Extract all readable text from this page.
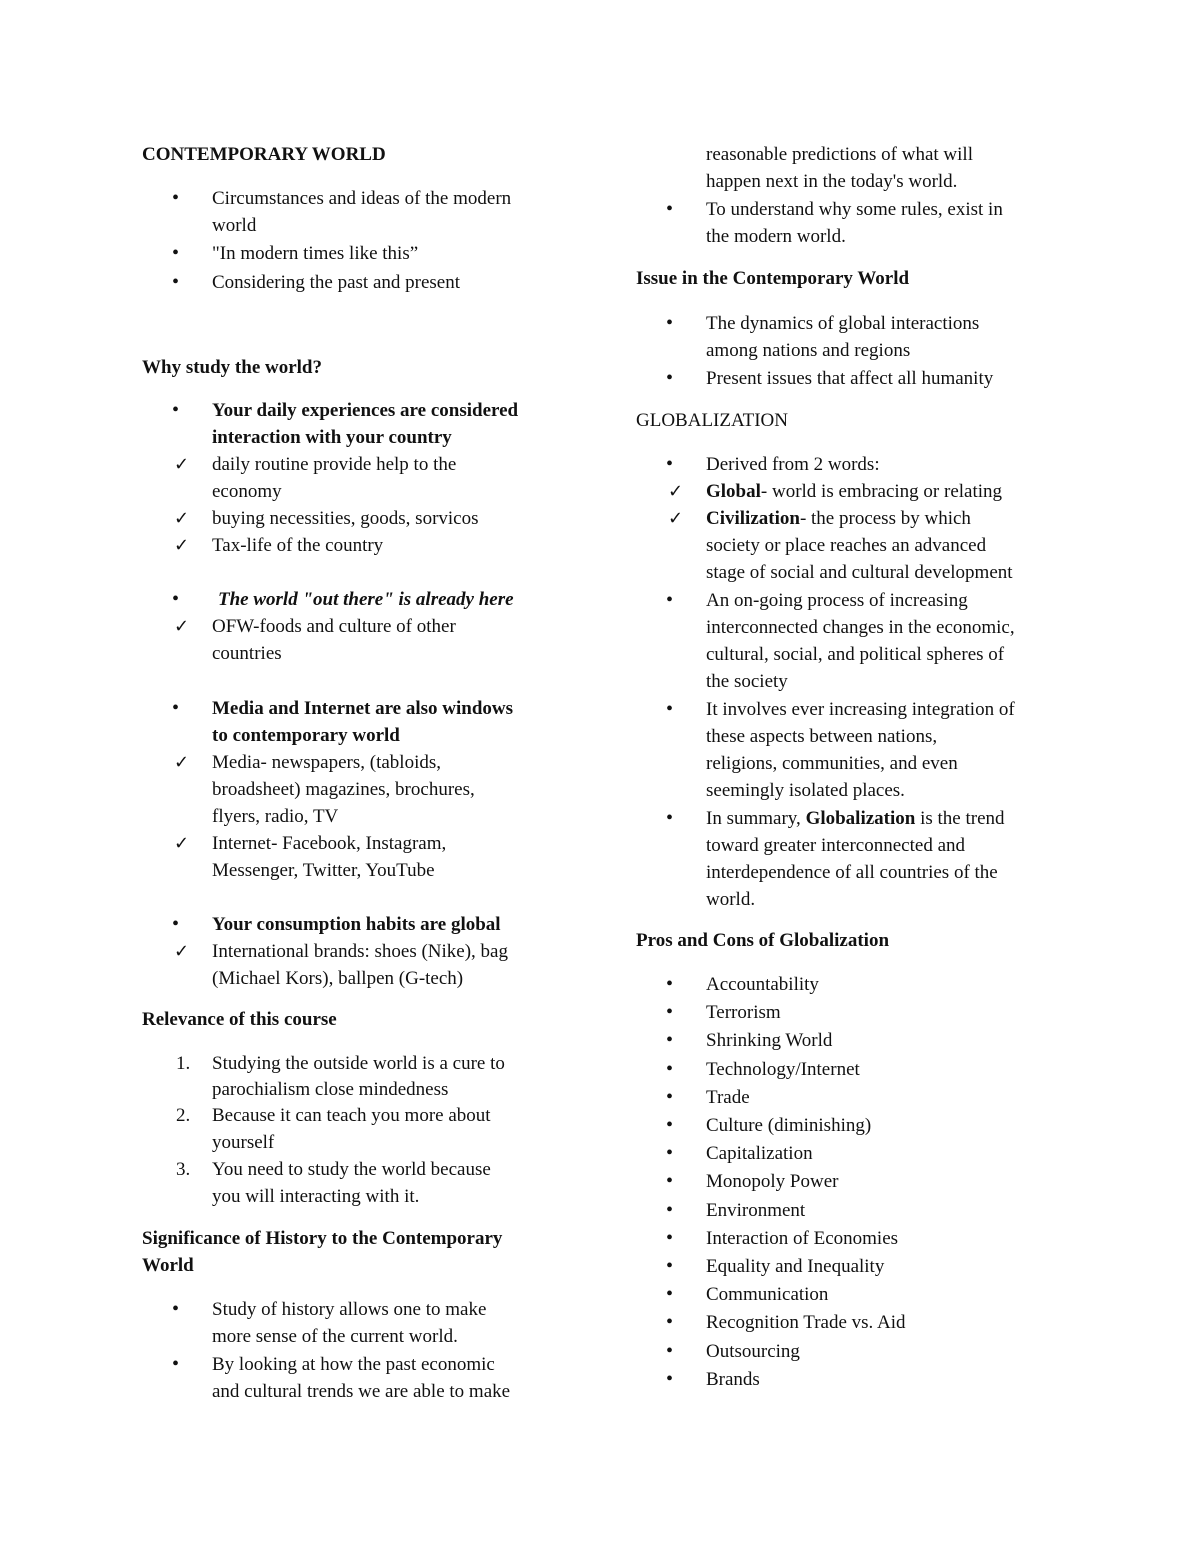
CONTEMPORARY WORLD
•
Circumstances and ideas of the modern
world
•
"In modern times like this”
•
Considering the past and present
Why study the world?
•
Your daily experiences are considered
interaction with your country
✓
daily routine provide help to the
economy
✓
buying necessities, goods, sorvicos
✓
Tax-life of the country
•
The world "out there" is already here
✓
OFW-foods and culture of other
countries
•
Media and Internet are also windows
to contemporary world
✓
Media- newspapers, (tabloids,
broadsheet) magazines, brochures,
flyers, radio, TV
✓
Internet- Facebook, Instagram,
Messenger, Twitter, YouTube
•
Your consumption habits are global
✓
International brands: shoes (Nike), bag
(Michael Kors), ballpen (G-tech)
Relevance of this course
1. Studying the outside world is a cure to
parochialism close mindedness
2. Because it can teach you more about
yourself
3. You need to study the world because
you will interacting with it.
Significance of History to the Contemporary
World
•
Study of history allows one to make
more sense of the current world.
•
By looking at how the past economic
and cultural trends we are able to make
reasonable predictions of what will
happen next in the today's world.
•
To understand why some rules, exist in
the modern world.
Issue in the Contemporary World
•
The dynamics of global interactions
among nations and regions
•
Present issues that affect all humanity
GLOBALIZATION
•
Derived from 2 words:
✓
Global- world is embracing or relating
✓
Civilization- the process by which
society or place reaches an advanced
stage of social and cultural development
•
An on-going process of increasing
interconnected changes in the economic,
cultural, social, and political spheres of
the society
•
It involves ever increasing integration of
these aspects between nations,
religions, communities, and even
seemingly isolated places.
•
In summary, Globalization is the trend
toward greater interconnected and
interdependence of all countries of the
world.
Pros and Cons of Globalization
•
Accountability
•
Terrorism
•
Shrinking World
•
Technology/Internet
•
Trade
•
Culture (diminishing)
•
Capitalization
•
Monopoly Power
•
Environment
•
Interaction of Economies
•
Equality and Inequality
•
Communication
•
Recognition Trade vs. Aid
•
Outsourcing
•
Brands
